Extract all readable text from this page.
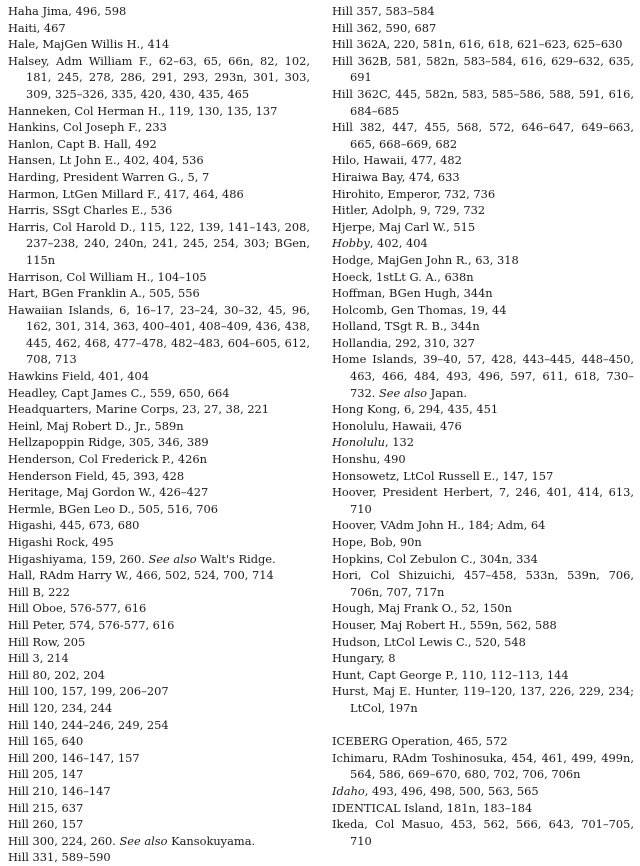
Haha Jima, 496, 598
Haiti, 467
Hale, MajGen Willis H., 414
Halsey, Adm William F., 62–63, 65, 66n, 82, 102, 181, 245, 278, 286, 291, 293, 293n, 301, 303, 309, 325–326, 335, 420, 430, 435, 465
Hanneken, Col Herman H., 119, 130, 135, 137
Hankins, Col Joseph F., 233
Hanlon, Capt B. Hall, 492
Hansen, Lt John E., 402, 404, 536
Harding, President Warren G., 5, 7
Harmon, LtGen Millard F., 417, 464, 486
Harris, SSgt Charles E., 536
Harris, Col Harold D., 115, 122, 139, 141–143, 208, 237–238, 240, 240n, 241, 245, 254, 303; BGen, 115n
Harrison, Col William H., 104–105
Hart, BGen Franklin A., 505, 556
Hawaiian Islands, 6, 16–17, 23–24, 30–32, 45, 96, 162, 301, 314, 363, 400–401, 408–409, 436, 438, 445, 462, 468, 477–478, 482–483, 604–605, 612, 708, 713
Hawkins Field, 401, 404
Headley, Capt James C., 559, 650, 664
Headquarters, Marine Corps, 23, 27, 38, 221
Heinl, Maj Robert D., Jr., 589n
Hellzapoppin Ridge, 305, 346, 389
Henderson, Col Frederick P., 426n
Henderson Field, 45, 393, 428
Heritage, Maj Gordon W., 426–427
Hermle, BGen Leo D., 505, 516, 706
Higashi, 445, 673, 680
Higashi Rock, 495
Higashiyama, 159, 260. See also Walt's Ridge.
Hall, RAdm Harry W., 466, 502, 524, 700, 714
Hill B, 222
Hill Oboe, 576-577, 616
Hill Peter, 574, 576-577, 616
Hill Row, 205
Hill 3, 214
Hill 80, 202, 204
Hill 100, 157, 199, 206–207
Hill 120, 234, 244
Hill 140, 244–246, 249, 254
Hill 165, 640
Hill 200, 146–147, 157
Hill 205, 147
Hill 210, 146–147
Hill 215, 637
Hill 260, 157
Hill 300, 224, 260. See also Kansokuyama.
Hill 331, 589–590
Hill 357, 583–584
Hill 362, 590, 687
Hill 362A, 220, 581n, 616, 618, 621–623, 625–630
Hill 362B, 581, 582n, 583–584, 616, 629–632, 635, 691
Hill 362C, 445, 582n, 583, 585–586, 588, 591, 616, 684–685
Hill 382, 447, 455, 568, 572, 646–647, 649–663, 665, 668–669, 682
Hilo, Hawaii, 477, 482
Hiraiwa Bay, 474, 633
Hirohito, Emperor, 732, 736
Hitler, Adolph, 9, 729, 732
Hjerpe, Maj Carl W., 515
Hobby, 402, 404
Hodge, MajGen John R., 63, 318
Hoeck, 1stLt G. A., 638n
Hoffman, BGen Hugh, 344n
Holcomb, Gen Thomas, 19, 44
Holland, TSgt R. B., 344n
Hollandia, 292, 310, 327
Home Islands, 39–40, 57, 428, 443–445, 448–450, 463, 466, 484, 493, 496, 597, 611, 618, 730–732. See also Japan.
Hong Kong, 6, 294, 435, 451
Honolulu, Hawaii, 476
Honolulu, 132
Honshu, 490
Honsowetz, LtCol Russell E., 147, 157
Hoover, President Herbert, 7, 246, 401, 414, 613, 710
Hoover, VAdm John H., 184; Adm, 64
Hope, Bob, 90n
Hopkins, Col Zebulon C., 304n, 334
Hori, Col Shizuichi, 457–458, 533n, 539n, 706, 706n, 707, 717n
Hough, Maj Frank O., 52, 150n
Houser, Maj Robert H., 559n, 562, 588
Hudson, LtCol Lewis C., 520, 548
Hungary, 8
Hunt, Capt George P., 110, 112–113, 144
Hurst, Maj E. Hunter, 119–120, 137, 226, 229, 234; LtCol, 197n
ICEBERG Operation, 465, 572
Ichimaru, RAdm Toshinosuka, 454, 461, 499, 499n, 564, 586, 669–670, 680, 702, 706, 706n
Idaho, 493, 496, 498, 500, 563, 565
IDENTICAL Island, 181n, 183–184
Ikeda, Col Masuo, 453, 562, 566, 643, 701–705, 710
